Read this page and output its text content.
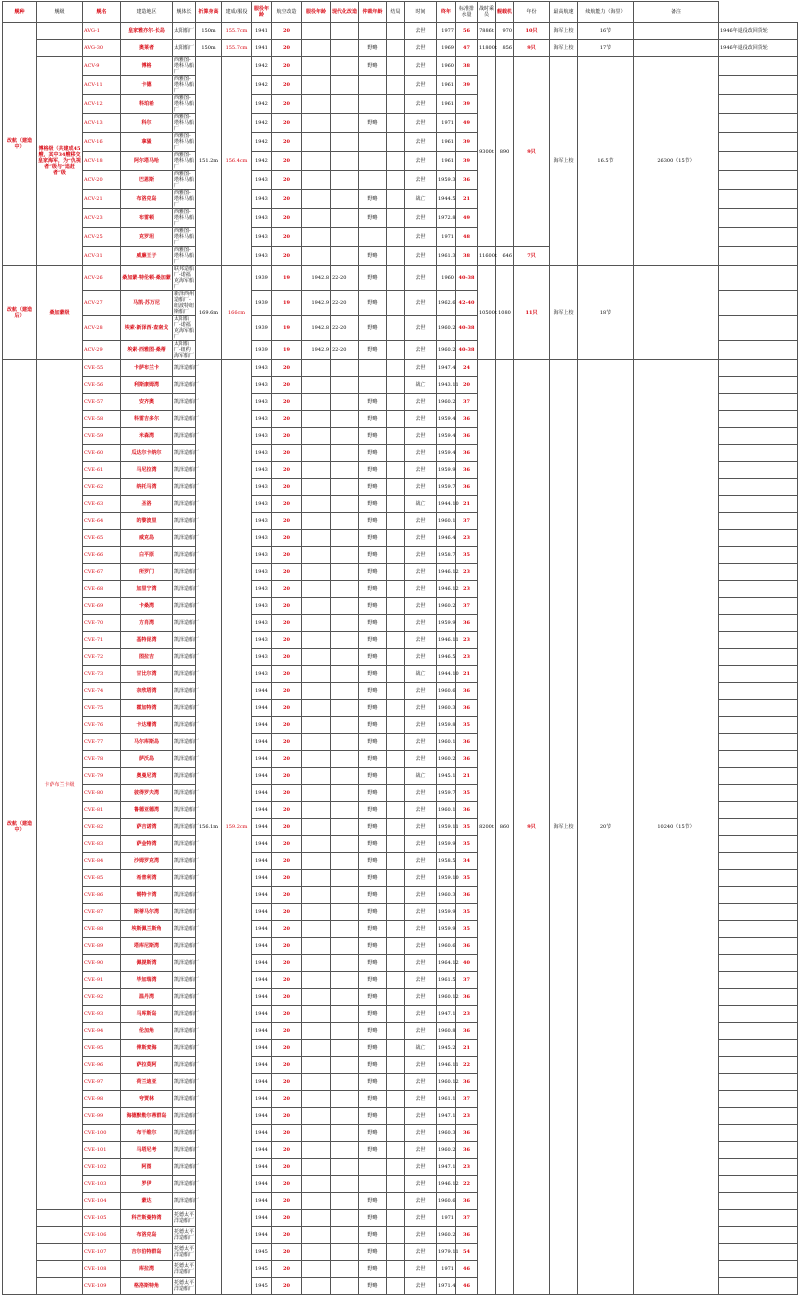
舰种	舰级	舰名	建造地区	舰体长	折算身高	建成/服役	服役年龄	航空改造	服役年龄	现代化改造	仲裁年龄	结局	时间	终年	标准排水量	战时乘员	舰载机	年份	最高航速	续航能力（海里）	备注	
改航（建造中）		AVG-1	皇家雅亦尔·长岛	太阳船厂	150m	155.7cm	1941	20					去世	1977	56	7886t	970	10只	海军上校	16节		1946年退役改回货轮
		AVG-30	奥莱者	太阳船厂	150m	155.7cm	1941	20			野略		去世	1969	47	11800t	856	9只	海军上校	17节		1946年退役改回货轮
	博格级（共建成45艘，其中34艘移交皇家海军，为“仇视者”级与“追赶者”级	ACV-9	博格	西雅图-塔科马船厂	151.2m	156.4cm	1942	20			野略		去世	1960	38	9300t	890	9只	海军上校	16.5节	26300（15节）	
		ACV-11	卡德	西雅图-塔科马船厂			1942	20					去世	1961	39							
		ACV-12	科珀希	西雅图-塔科马船厂			1942	20					去世	1961	39							
		ACV-13	科尔	西雅图-塔科马船厂			1942	20			野略		去世	1971	49							
		ACV-16	拿骚	西雅图-塔科马船厂			1942	20					去世	1961	39							
		ACV-18	阿尔塔马哈	西雅图-塔科马船厂			1942	20					去世	1961	39							
		ACV-20	巴恩斯	西雅图-塔科马船厂			1943	20					去世	1959.3	36							
		ACV-21	布洛克岛	西雅图-塔科马船厂			1943	20			野略		战亡	1944.5	21							
		ACV-23	布雷顿	西雅图-塔科马船厂			1943	20			野略		去世	1972.8	49							
		ACV-25	克罗坦	西雅图-塔科马船厂			1943	20					去世	1971	48							
		ACV-31	威廉王子	西雅图-塔科马船厂			1943	20			野略		去世	1961.3	38	11600t	646	7只				
改航（建造后）	桑加蒙级	ACV-26	桑加蒙·特伦顿·桑加蒙	联邦造船厂-诺福克海军船厂	169.6m	166cm	1939	19	1942.8	22-20	野略		去世	1960	40-38	10500t	1080	11只	海军上校	18节		
		ACV-27	马凯·苏万尼	新泽西州造船厂-纽波特纽斯船厂			1939	19	1942.9	22-20	野略		去世	1962.6	42-40							
		ACV-28	埃索·新泽西·查南戈	太阳船厂-诺福克海军船厂			1939	19	1942.8	22-20	野略		去世	1960.2	40-38							
		ACV-29	埃索·西雅图·桑蒂	太阳船厂-纽约海军船厂			1939	19	1942.9	22-20	野略		去世	1960.2	40-38							
改航（建造中）	卡萨布兰卡级	CVE-55	卡萨布兰卡	凯泽造船厂	156.1m	159.2cm	1943	20					去世	1947.4	24	8200t	860	9只	海军上校	20节	10240（15节）	
		CVE-56	利斯康姆湾	凯泽造船厂			1943	20					战亡	1943.11	20							
		CVE-57	安齐奥	凯泽造船厂			1943	20			野略		去世	1960.2	37							
		CVE-58	科雷吉多尔	凯泽造船厂			1943	20			野略		去世	1959.4	36							
		CVE-59	米森湾	凯泽造船厂			1943	20			野略		去世	1959.4	36							
		CVE-60	瓜达尔卡纳尔	凯泽造船厂			1943	20			野略		去世	1959.4	36							
		CVE-61	马尼拉湾	凯泽造船厂			1943	20			野略		去世	1959.9	36							
		CVE-62	纳托马湾	凯泽造船厂			1943	20			野略		去世	1959.7	36							
		CVE-63	圣洛	凯泽造船厂			1943	20			野略		战亡	1944.10	21							
		CVE-64	的黎波里	凯泽造船厂			1943	20			野略		去世	1960.1	37							
		CVE-65	威克岛	凯泽造船厂			1943	20			野略		去世	1946.4	23							
		CVE-66	白平原	凯泽造船厂			1943	20			野略		去世	1958.7	35							
		CVE-67	所罗门	凯泽造船厂			1943	20			野略		去世	1946.12	23							
		CVE-68	加里宁湾	凯泽造船厂			1943	20			野略		去世	1946.12	23							
		CVE-69	卡桑湾	凯泽造船厂			1943	20			野略		去世	1960.2	37							
		CVE-70	方肖湾	凯泽造船厂			1943	20			野略		去世	1959.9	36							
		CVE-71	基特昆湾	凯泽造船厂			1943	20			野略		去世	1946.11	23							
		CVE-72	图拉吉	凯泽造船厂			1943	20			野略		去世	1946.5	23							
		CVE-73	甘比尔湾	凯泽造船厂			1943	20			野略		战亡	1944.10	21							
		CVE-74	奈欣塔湾	凯泽造船厂			1944	20			野略		去世	1960.6	36							
		CVE-75	霍加特湾	凯泽造船厂			1944	20			野略		去世	1960.3	36							
		CVE-76	卡达珊湾	凯泽造船厂			1944	20			野略		去世	1959.8	35							
		CVE-77	马尔库斯岛	凯泽造船厂			1944	20			野略		去世	1960.1	36							
		CVE-78	萨沃岛	凯泽造船厂			1944	20			野略		去世	1960.2	36							
		CVE-79	奥曼尼湾	凯泽造船厂			1944	20			野略		战亡	1945.1	21							
		CVE-80	彼得罗夫湾	凯泽造船厂			1944	20			野略		去世	1959.7	35							
		CVE-81	鲁德亚德湾	凯泽造船厂			1944	20			野略		去世	1960.1	36							
		CVE-82	萨吉诺湾	凯泽造船厂			1944	20			野略		去世	1959.11	35							
		CVE-83	萨金特湾	凯泽造船厂			1944	20			野略		去世	1959.9	35							
		CVE-84	沙姆罗克湾	凯泽造船厂			1944	20			野略		去世	1958.5	34							
		CVE-85	希普利湾	凯泽造船厂			1944	20			野略		去世	1959.10	35							
		CVE-86	锡特卡湾	凯泽造船厂			1944	20			野略		去世	1960.3	36							
		CVE-87	斯蒂马尔湾	凯泽造船厂			1944	20			野略		去世	1959.9	35							
		CVE-88	埃斯佩兰斯角	凯泽造船厂			1944	20			野略		去世	1959.9	35							
		CVE-89	塔库尼斯湾	凯泽造船厂			1944	20			野略		去世	1960.6	36							
		CVE-90	佩提斯湾	凯泽造船厂			1944	20			野略		去世	1964.12	40							
		CVE-91	毕加瑞湾	凯泽造船厂			1944	20			野略		去世	1961.5	37							
		CVE-92	温丹湾	凯泽造船厂			1944	20			野略		去世	1960.12	36							
		CVE-93	马库斯岛	凯泽造船厂			1944	20			野略		去世	1947.1	23							
		CVE-94	伦加角	凯泽造船厂			1944	20			野略		去世	1960.8	36							
		CVE-95	俾斯麦海	凯泽造船厂			1944	20			野略		战亡	1945.2	21							
		CVE-96	萨拉莫阿	凯泽造船厂			1944	20			野略		去世	1946.11	22							
		CVE-97	荷兰迪亚	凯泽造船厂			1944	20			野略		去世	1960.12	36							
		CVE-98	夸贾林	凯泽造船厂			1944	20			野略		去世	1961.1	37							
		CVE-99	海德默勒尔蒂群岛	凯泽造船厂			1944	20			野略		去世	1947.1	23							
		CVE-100	布干维尔	凯泽造船厂			1944	20			野略		去世	1960.3	36							
		CVE-101	马塔尼考	凯泽造船厂			1944	20			野略		去世	1960.2	36							
		CVE-102	阿图	凯泽造船厂			1944	20					去世	1947.1	23							
		CVE-103	罗伊	凯泽造船厂			1944	20					去世	1946.12	22							
		CVE-104	蒙达	凯泽造船厂			1944	20			野略		去世	1960.6	36							
		CVE-105	科芒斯曼特湾	托德太平洋造船厂			1944	20			野略		去世	1971	37							
		CVE-106	布洛克岛	托德太平洋造船厂			1944	20			野略		去世	1960.2	36							
		CVE-107	吉尔伯特群岛	托德太平洋造船厂			1945	20			野略		去世	1979.11	54							
		CVE-108	库拉湾	托德太平洋造船厂			1945	20			野略		去世	1971	46							
		CVE-109	格洛斯特角	托德太平洋造船厂			1945	20			野略		去世	1971.4	46							
